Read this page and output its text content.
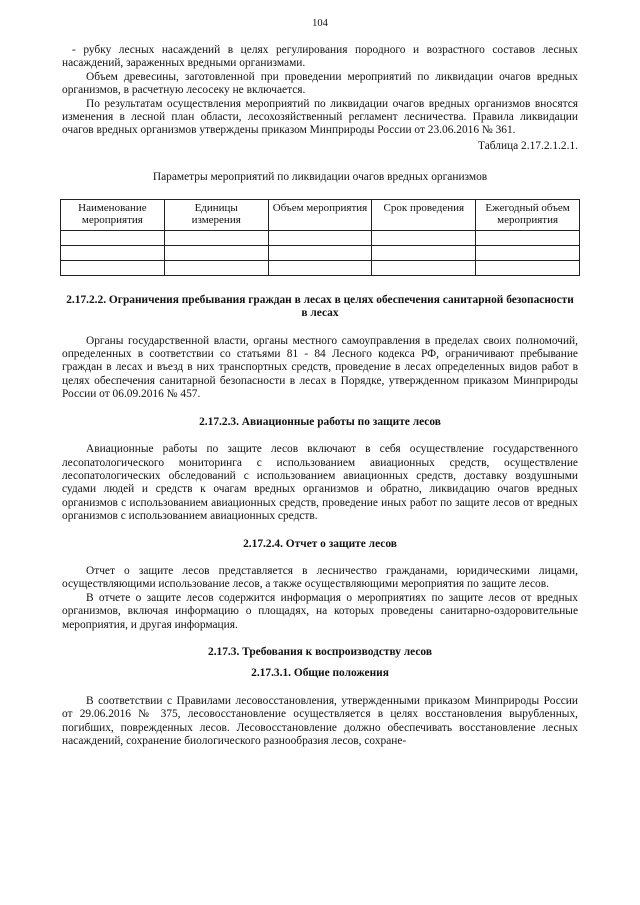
104

- рубку лесных насаждений в целях регулирования породного и возрастного составов лесных насаждений, зараженных вредными организмами.

Объем древесины, заготовленной при проведении мероприятий по ликвидации очагов вредных организмов, в расчетную лесосеку не включается.

По результатам осуществления мероприятий по ликвидации очагов вредных организмов вносятся изменения в лесной план области, лесохозяйственный регламент лесничества. Правила ликвидации очагов вредных организмов утверждены приказом Минприроды России от 23.06.2016 № 361.

Таблица 2.17.2.1.2.1.

Параметры мероприятий по ликвидации очагов вредных организмов

Наименование мероприятия	Единицы измерения	Объем мероприятия	Срок проведения	Ежегодный объем мероприятия

2.17.2.2. Ограничения пребывания граждан в лесах в целях обеспечения санитарной безопасности в лесах

Органы государственной власти, органы местного самоуправления в пределах своих полномочий, определенных в соответствии со статьями 81 - 84 Лесного кодекса РФ, ограничивают пребывание граждан в лесах и въезд в них транспортных средств, проведение в лесах определенных видов работ в целях обеспечения санитарной безопасности в лесах в Порядке, утвержденном приказом Минприроды России от 06.09.2016 № 457.

2.17.2.3. Авиационные работы по защите лесов

Авиационные работы по защите лесов включают в себя осуществление государственного лесопатологического мониторинга с использованием авиационных средств, осуществление лесопатологических обследований с использованием авиационных средств, доставку воздушными судами людей и средств к очагам вредных организмов и обратно, ликвидацию очагов вредных организмов с использованием авиационных средств, проведение иных работ по защите лесов от вредных организмов с использованием авиационных средств.

2.17.2.4. Отчет о защите лесов

Отчет о защите лесов представляется в лесничество гражданами, юридическими лицами, осуществляющими использование лесов, а также осуществляющими мероприятия по защите лесов.

В отчете о защите лесов содержится информация о мероприятиях по защите лесов от вредных организмов, включая информацию о площадях, на которых проведены санитарно-оздоровительные мероприятия, и другая информация.

2.17.3. Требования к воспроизводству лесов
2.17.3.1. Общие положения

В соответствии с Правилами лесовосстановления, утвержденными приказом Минприроды России от 29.06.2016 № 375, лесовосстановление осуществляется в целях восстановления вырубленных, погибших, поврежденных лесов. Лесовосстановление должно обеспечивать восстановление лесных насаждений, сохранение биологического разнообразия лесов, сохране-
